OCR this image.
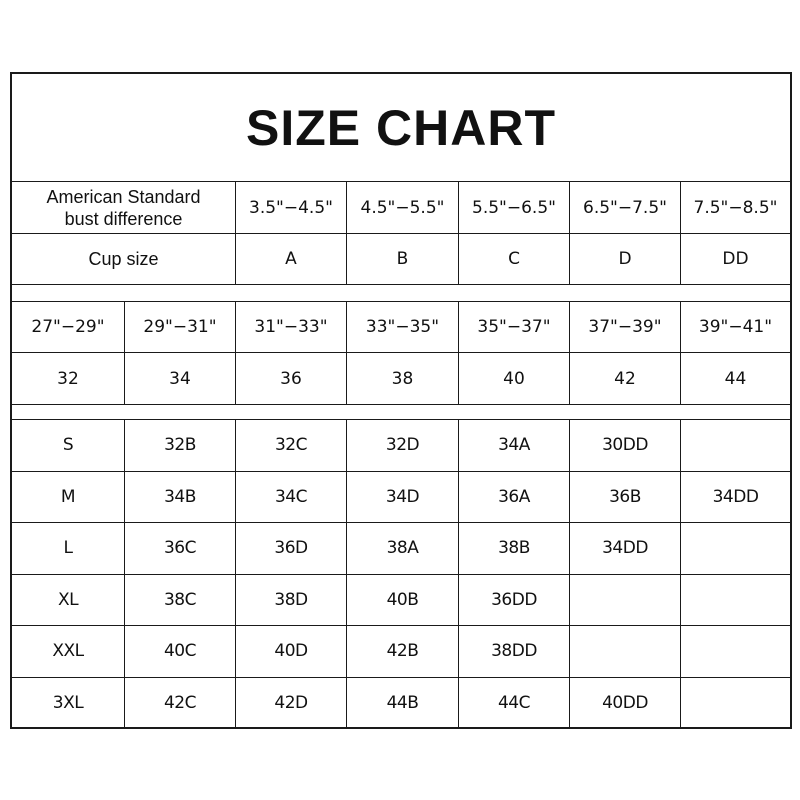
SIZE CHART
American Standard
bust difference
3.5"−4.5"	4.5"−5.5"	5.5"−6.5"	6.5"−7.5"	7.5"−8.5"
Cup size	A	B	C	D	DD
27"−29"	29"−31"	31"−33"	33"−35"	35"−37"	37"−39"	39"−41"
32	34	36	38	40	42	44
S	32B	32C	32D	34A	30DD
M	34B	34C	34D	36A	36B	34DD
L	36C	36D	38A	38B	34DD
XL	38C	38D	40B	36DD
XXL	40C	40D	42B	38DD
3XL	42C	42D	44B	44C	40DD
